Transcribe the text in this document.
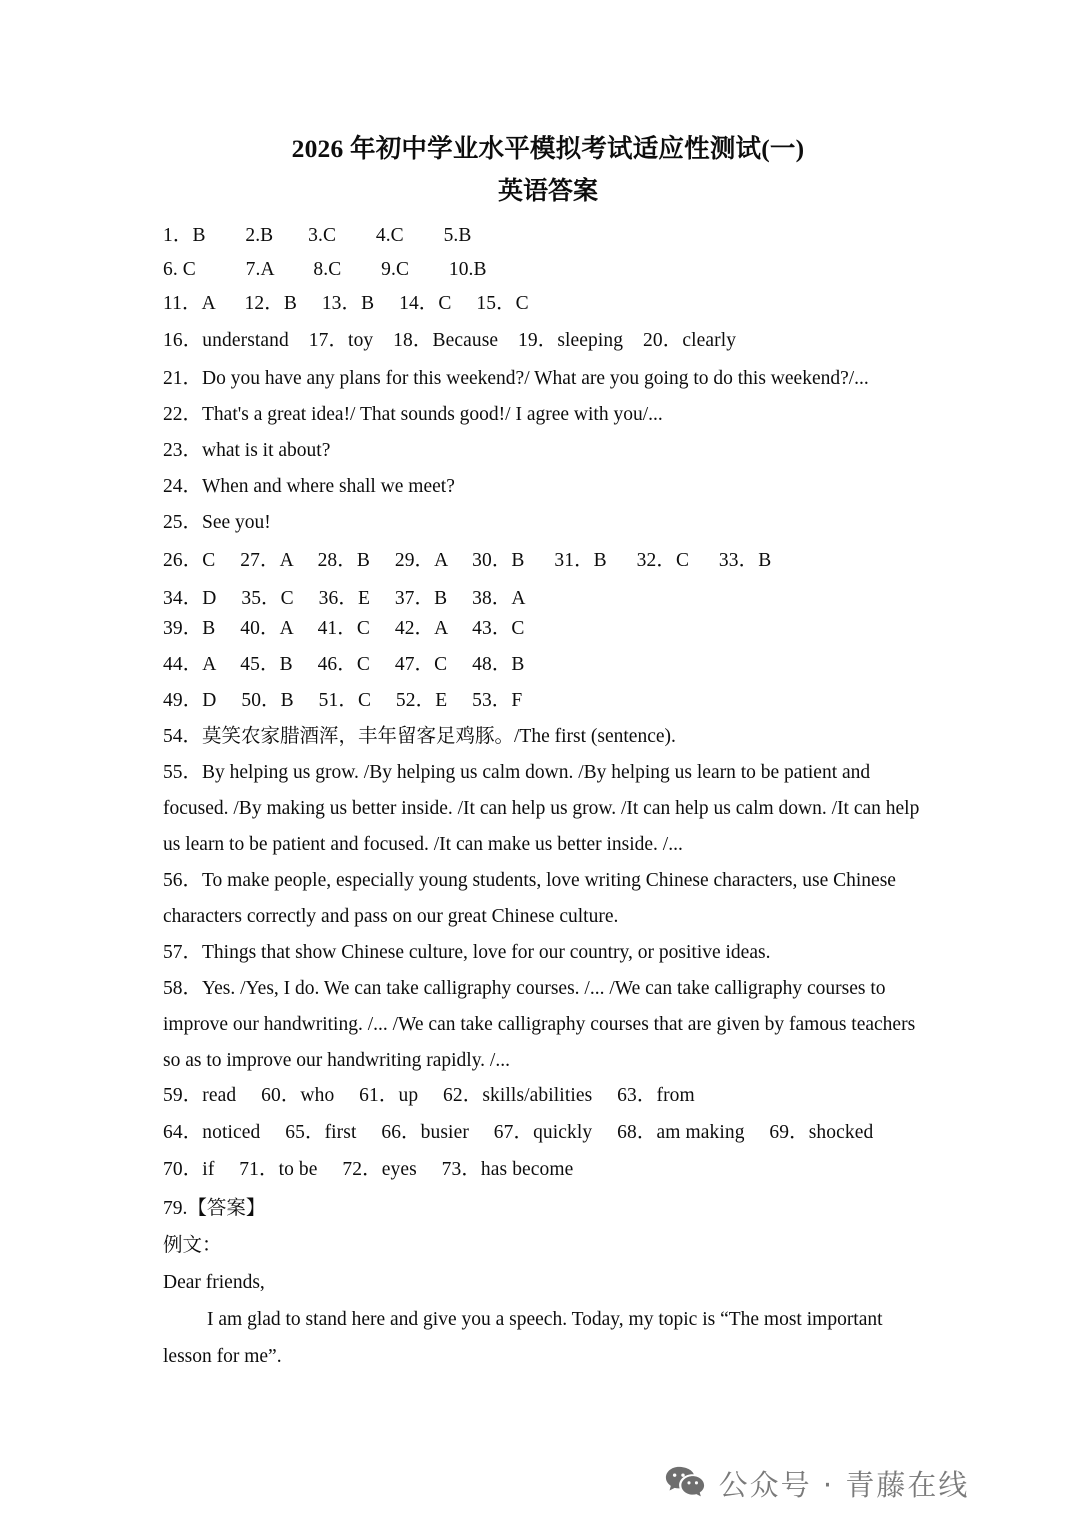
2026 年初中学业水平模拟考试适应性测试(一)
英语答案
1．B        2.B       3.C        4.C        5.B
6. C          7.A        8.C        9.C        10.B
11．A      12．B     13．B     14．C     15．C
16．understand    17．toy    18．Because    19．sleeping    20．clearly

21．Do you have any plans for this weekend?/ What are you going to do this weekend?/...

22．That's a great idea!/ That sounds good!/ I agree with you/...

23．what is it about?

24．When and where shall we meet?

25．See you!

26．C     27．A     28．B     29．A     30．B      31．B      32．C      33．B
34．D     35．C     36．E     37．B     38．A
39．B     40．A     41．C     42．A     43．C
44．A     45．B     46．C     47．C     48．B
49．D     50．B     51．C     52．E     53．F

54．莫笑农家腊酒浑，丰年留客足鸡豚。/The first (sentence).

55．By helping us grow. /By helping us calm down. /By helping us learn to be patient and focused. /By making us better inside. /It can help us grow. /It can help us calm down. /It can help us learn to be patient and focused. /It can make us better inside. /...

56．To make people, especially young students, love writing Chinese characters, use Chinese characters correctly and pass on our great Chinese culture.

57．Things that show Chinese culture, love for our country, or positive ideas.

58．Yes. /Yes, I do. We can take calligraphy courses. /... /We can take calligraphy courses to improve our handwriting. /... /We can take calligraphy courses that are given by famous teachers so as to improve our handwriting rapidly. /...

59．read     60．who     61．up     62．skills/abilities     63．from
64．noticed     65．first     66．busier     67．quickly     68．am making     69．shocked
70．if     71．to be     72．eyes     73．has become

79.【答案】

例文：

Dear friends,

I am glad to stand here and give you a speech. Today, my topic is “The most important lesson for me”.

公众号 · 青藤在线
